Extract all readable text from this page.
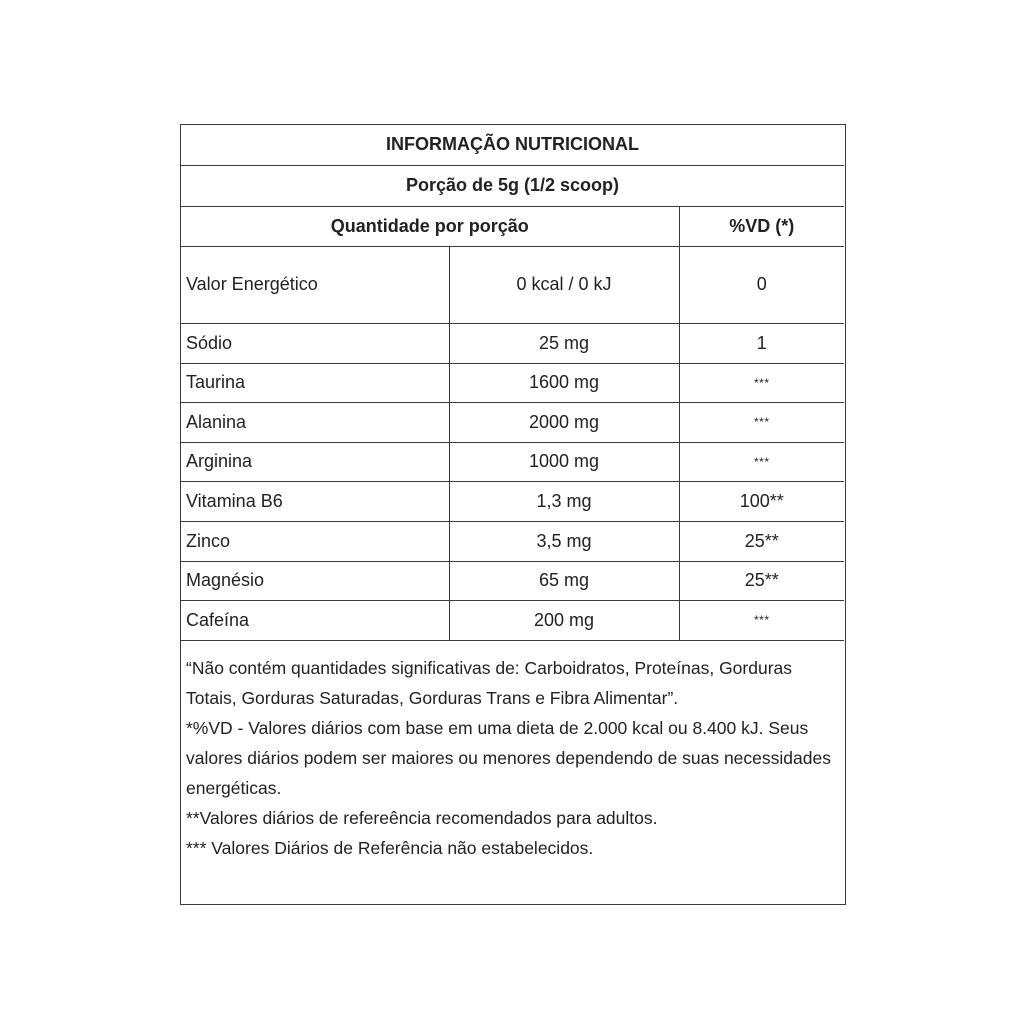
INFORMAÇÃO NUTRICIONAL		
Porção de 5g (1/2 scoop)		
Quantidade por porção		%VD (*)
Valor Energético	0 kcal / 0 kJ	0
Sódio	25 mg	1
Taurina	1600 mg	***
Alanina	2000 mg	***
Arginina	1000 mg	***
Vitamina B6	1,3 mg	100**
Zinco	3,5 mg	25**
Magnésio	65 mg	25**
Cafeína	200 mg	***

“Não contém quantidades significativas de: Carboidratos, Proteínas, Gorduras Totais, Gorduras Saturadas, Gorduras Trans e Fibra Alimentar”.

*%VD - Valores diários com base em uma dieta de 2.000 kcal ou 8.400 kJ. Seus valores diários podem ser maiores ou menores dependendo de suas necessidades energéticas.

**Valores diários de refereência recomendados para adultos.

*** Valores Diários de Referência não estabelecidos.
